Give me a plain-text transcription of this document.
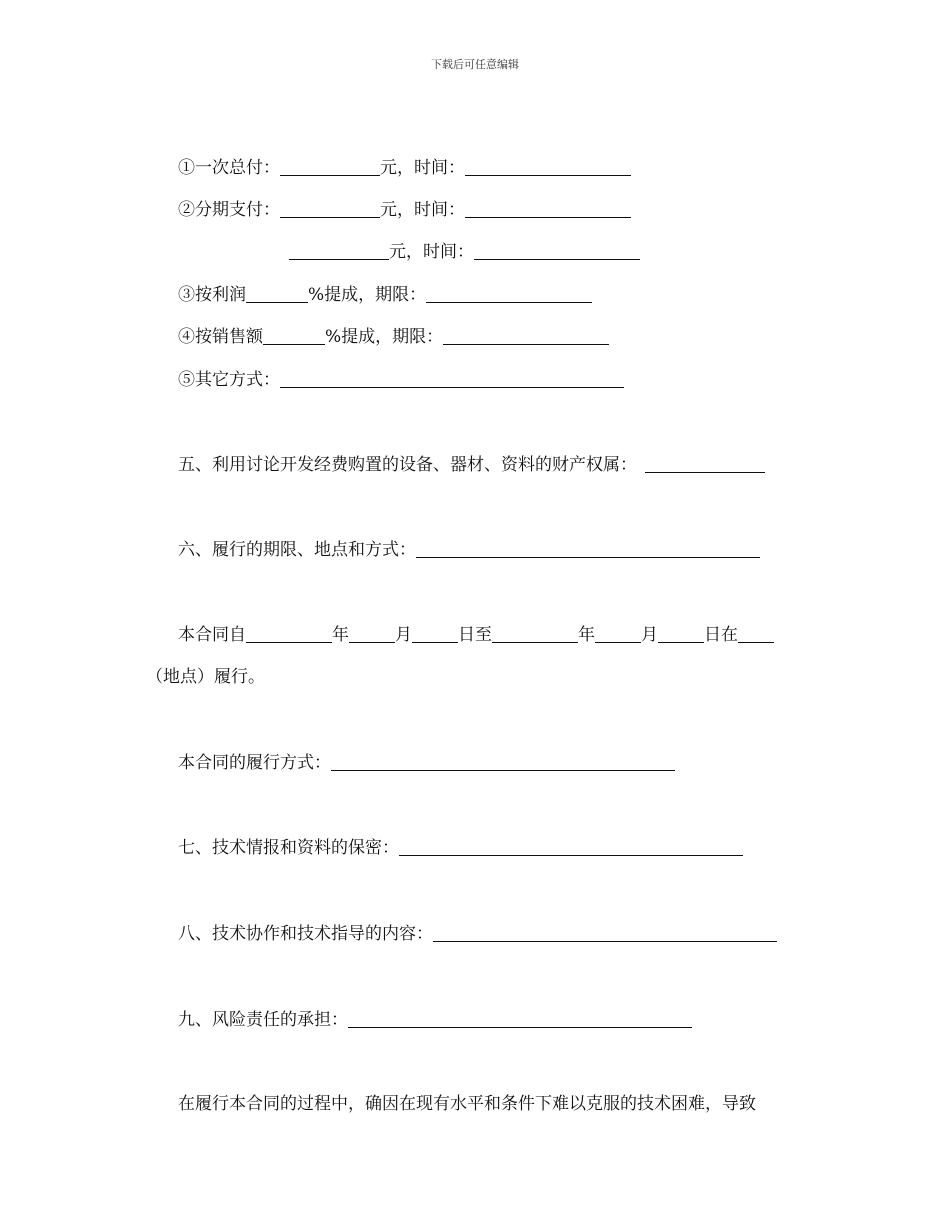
下载后可任意编辑
①一次总付：	元，时间：
②分期支付：	元，时间：
元，时间：
③按利润	%提成，期限：
④按销售额	%提成，期限：
⑤其它方式：
五、利用讨论开发经费购置的设备、器材、资料的财产权属：
六、履行的期限、地点和方式：
本合同自	年	月	日至	年	月	日在
（地点）履行。
本合同的履行方式：
七、技术情报和资料的保密：
八、技术协作和技术指导的内容：
九、风险责任的承担：
在履行本合同的过程中，确因在现有水平和条件下难以克服的技术困难，导致
